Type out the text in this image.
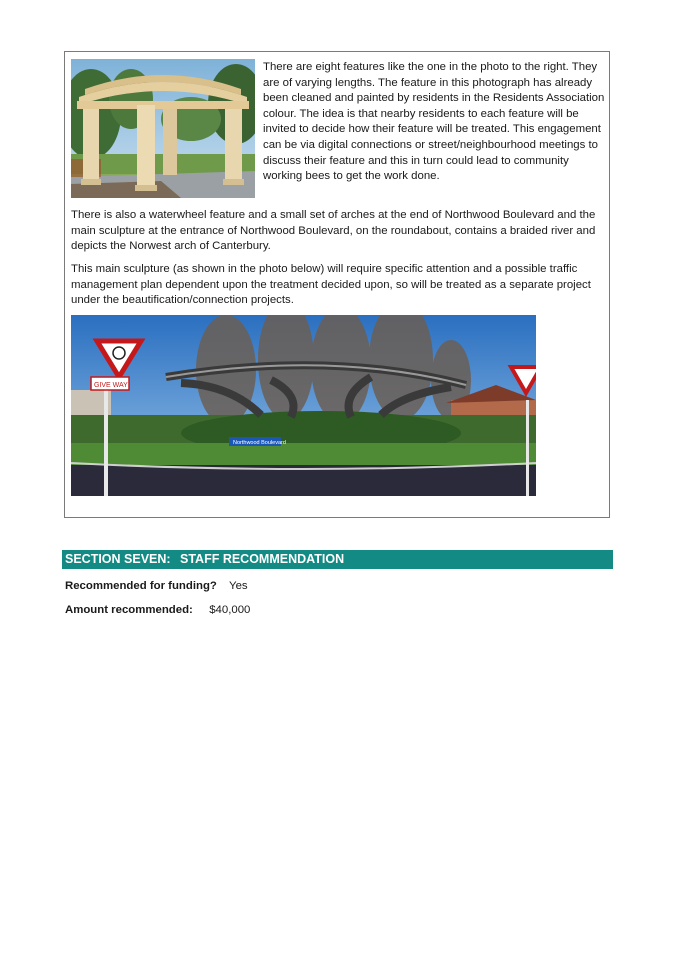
There are eight features like the one in the photo to the right. They are of varying lengths. The feature in this photograph has already been cleaned and painted by residents in the Residents Association colour. The idea is that nearby residents to each feature will be invited to decide how their feature will be treated. This engagement can be via digital connections or street/neighbourhood meetings to discuss their feature and this in turn could lead to community working bees to get the work done.

There is also a waterwheel feature and a small set of arches at the end of Northwood Boulevard and the main sculpture at the entrance of Northwood Boulevard, on the roundabout, contains a braided river and depicts the Norwest arch of Canterbury.

This main sculpture (as shown in the photo below) will require specific attention and a possible traffic management plan dependent upon the treatment decided upon, so will be treated as a separate project under the beautification/connection projects.

Northwood Boulevard
GIVE WAY
SECTION SEVEN: STAFF RECOMMENDATION
Recommended for funding? Yes
Amount recommended: $40,000
